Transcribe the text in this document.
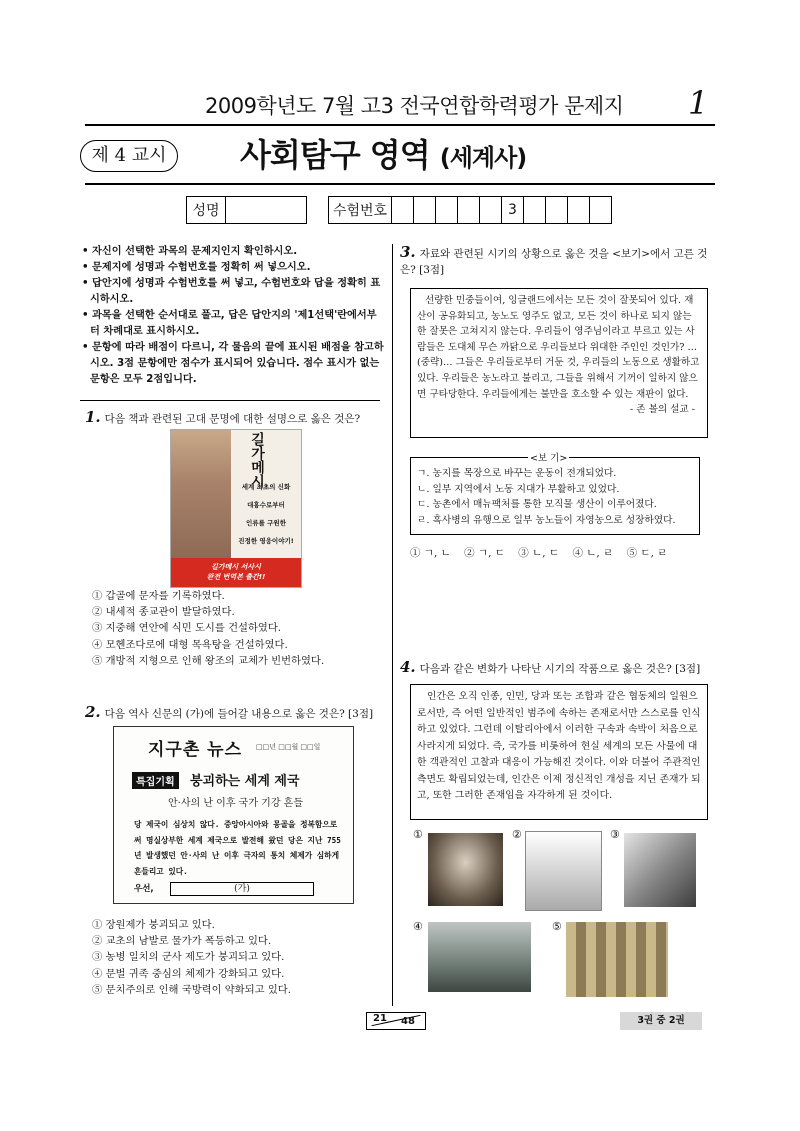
2009학년도 7월 고3 전국연합학력평가 문제지 1
제 4 교시	사회탐구 영역 (세계사)
성명		수험번호						3				
• 자신이 선택한 과목의 문제지인지 확인하시오.
• 문제지에 성명과 수험번호를 정확히 써 넣으시오.
• 답안지에 성명과 수험번호를 써 넣고, 수험번호와 답을 정확히 표시하시오.
• 과목을 선택한 순서대로 풀고, 답은 답안지의 '제1선택'란에서부터 차례대로 표시하시오.
• 문항에 따라 배점이 다르니, 각 물음의 끝에 표시된 배점을 참고하시오. 3점 문항에만 점수가 표시되어 있습니다. 점수 표시가 없는 문항은 모두 2점입니다.
1. 다음 책과 관련된 고대 문명에 대한 설명으로 옳은 것은?
길가메시
세계 최초의 신화
대홍수로부터
인류를 구원한
진정한 영웅이야기!
길가메시 서사시
완전 번역본 출간!!
① 갑골에 문자를 기록하였다.
② 내세적 종교관이 발달하였다.
③ 지중해 연안에 식민 도시를 건설하였다.
④ 모헨조다로에 대형 목욕탕을 건설하였다.
⑤ 개방적 지형으로 인해 왕조의 교체가 빈번하였다.
2. 다음 역사 신문의 (가)에 들어갈 내용으로 옳은 것은? [3점]
지구촌 뉴스 □□년 □□월 □□일
특집기획	붕괴하는 세계 제국
안·사의 난 이후 국가 기강 흔들
당 제국이 심상치 않다. 중앙아시아와 몽골을 정복함으로써 명실상부한 세계 제국으로 발전해 왔던 당은 지난 755년 발생했던 안·사의 난 이후 극자의 통치 체제가 심하게 흔들리고 있다.
우선,	(가)
① 장원제가 붕괴되고 있다.
② 교초의 남발로 물가가 폭등하고 있다.
③ 농병 일치의 군사 제도가 붕괴되고 있다.
④ 문벌 귀족 중심의 체제가 강화되고 있다.
⑤ 문치주의로 인해 국방력이 약화되고 있다.
3. 자료와 관련된 시기의 상황으로 옳은 것을 <보기>에서 고른 것은? [3점]
선량한 민중들이여, 잉글랜드에서는 모든 것이 잘못되어 있다. 재산이 공유화되고, 농노도 영주도 없고, 모든 것이 하나로 되지 않는 한 잘못은 고쳐지지 않는다. 우리들이 영주님이라고 부르고 있는 사람들은 도대체 무슨 까닭으로 우리들보다 위대한 주인인 것인가? …(중략)… 그들은 우리들로부터 거둔 것, 우리들의 노동으로 생활하고 있다. 우리들은 농노라고 불리고, 그들을 위해서 기꺼이 일하지 않으면 구타당한다. 우리들에게는 불만을 호소할 수 있는 재판이 없다.
- 존 볼의 설교 -
ㄱ. 농지를 목장으로 바꾸는 운동이 전개되었다.
ㄴ. 일부 지역에서 노동 지대가 부활하고 있었다.
ㄷ. 농촌에서 매뉴팩처를 통한 모직물 생산이 이루어졌다.
ㄹ. 흑사병의 유행으로 일부 농노들이 자영농으로 성장하였다.
<보 기>
① ㄱ, ㄴ    ② ㄱ, ㄷ    ③ ㄴ, ㄷ    ④ ㄴ, ㄹ    ⑤ ㄷ, ㄹ
4. 다음과 같은 변화가 나타난 시기의 작품으로 옳은 것은? [3점]
인간은 오직 인종, 인민, 당과 또는 조합과 같은 협동체의 일원으로서만, 즉 어떤 일반적인 범주에 속하는 존재로서만 스스로를 인식하고 있었다. 그런데 이탈리아에서 이러한 구속과 속박이 처음으로 사라지게 되었다. 즉, 국가를 비롯하여 현실 세계의 모든 사물에 대한 객관적인 고찰과 대응이 가능해진 것이다. 이와 더불어 주관적인 측면도 확립되었는데, 인간은 이제 정신적인 개성을 지닌 존재가 되고, 또한 그러한 존재임을 자각하게 된 것이다.
①	②	③
④	⑤
21 48	3권 중 2권
